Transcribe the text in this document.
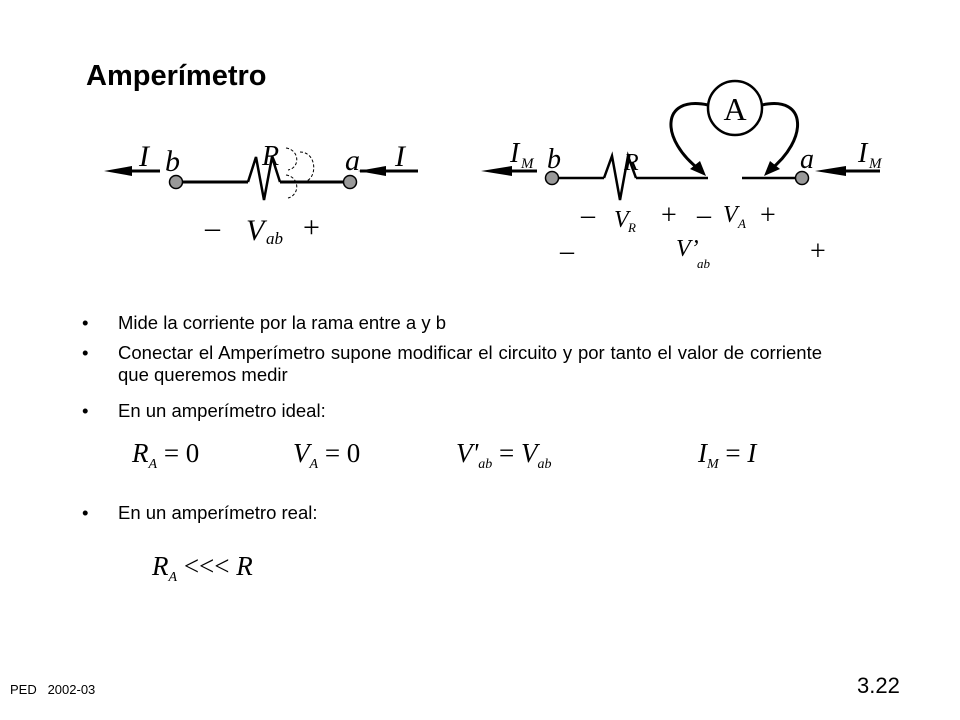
Amperímetro
I b	R a I
– V ab +
A
I M b	R	a I M
– V R + – V A +
–	V’
ab	+
• Mide la corriente por la rama entre a y b
• Conectar el Amperímetro supone modificar el circuito y por tanto el valor de corriente que queremos medir
• En un amperímetro ideal:
• En un amperímetro real:
$R_A = 0$	$V_A = 0$	$V'_{ab} = V_{ab}$	$I_M = I$
$R_A$ <<< R
PED   2002-03	3.22
